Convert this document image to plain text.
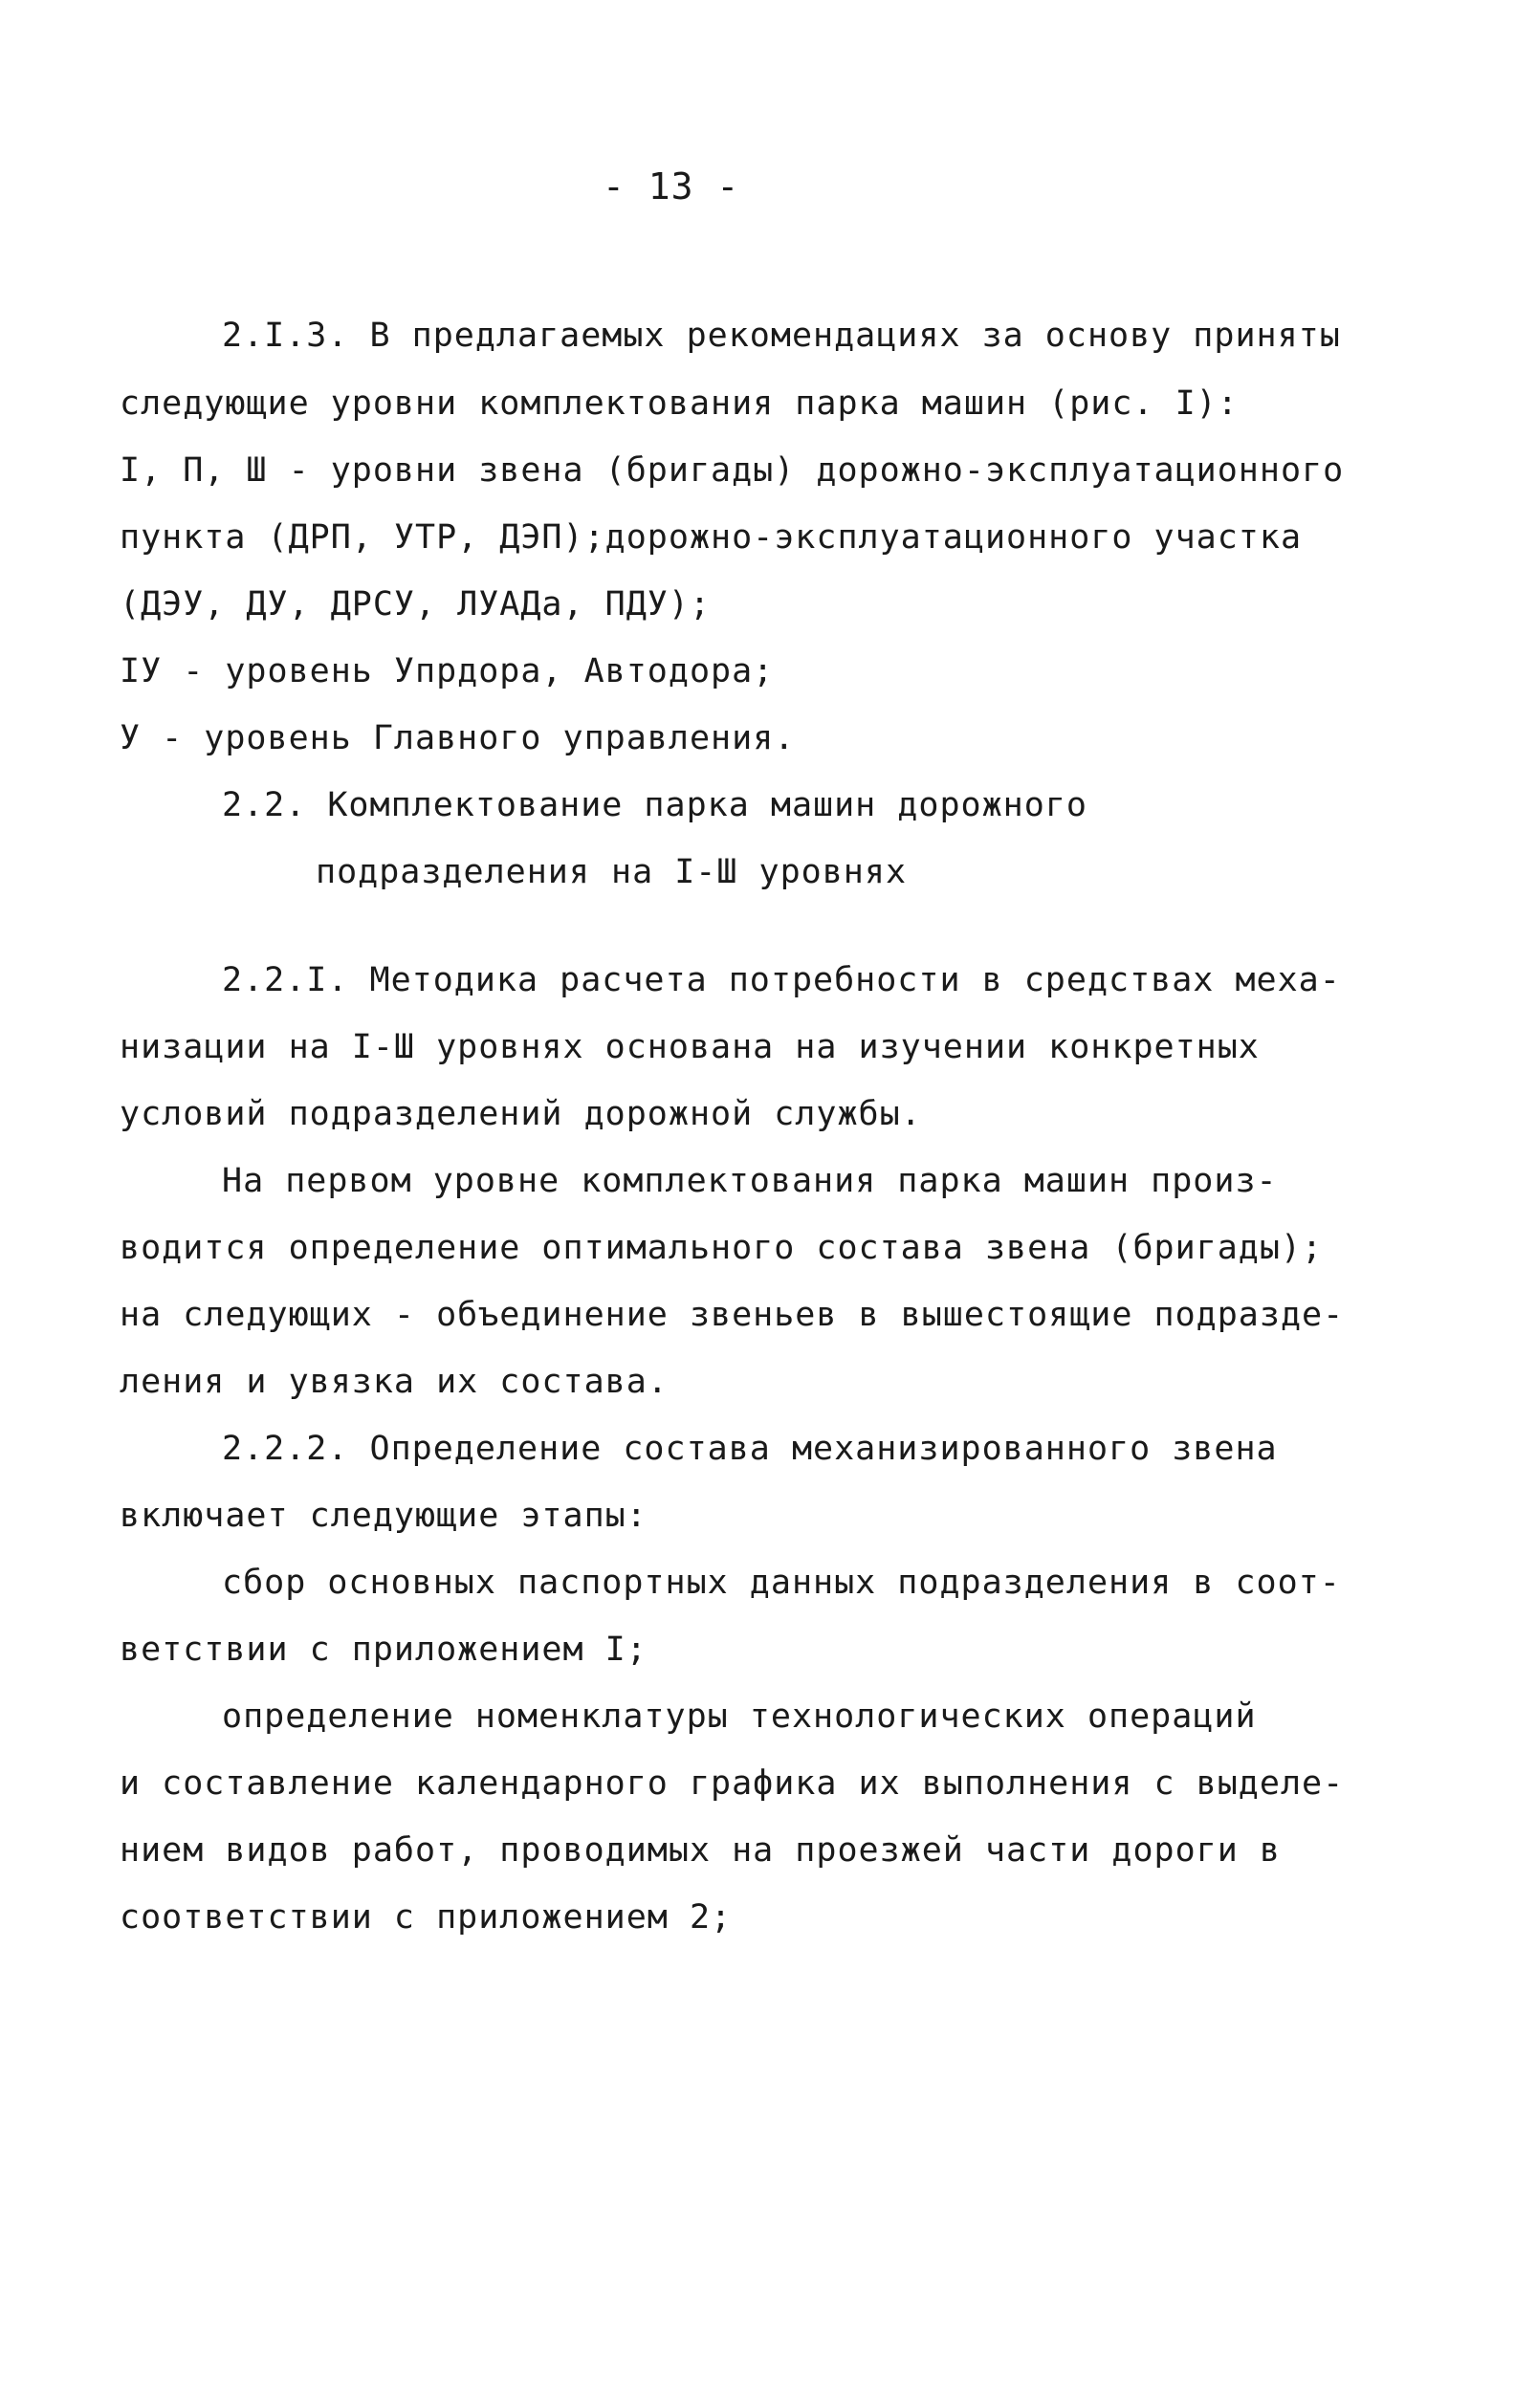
- 13 -
2.I.3. В предлагаемых рекомендациях за основу приняты
следующие уровни комплектования парка машин (рис. I):
I, П, Ш - уровни звена (бригады) дорожно-эксплуатационного
пункта (ДРП, УТР, ДЭП);дорожно-эксплуатационного участка
(ДЭУ, ДУ, ДРСУ, ЛУАДа, ПДУ);
IУ - уровень Упрдора, Автодора;
У - уровень Главного управления.
2.2. Комплектование парка машин дорожного
подразделения на I-Ш уровнях
2.2.I. Методика расчета потребности в средствах меха-
низации на I-Ш уровнях основана на изучении конкретных
условий подразделений дорожной службы.
На первом уровне комплектования парка машин произ-
водится определение оптимального состава звена (бригады);
на следующих - объединение звеньев в вышестоящие подразде-
ления и увязка их состава.
2.2.2. Определение состава механизированного звена
включает следующие этапы:
сбор основных паспортных данных подразделения в соот-
ветствии с приложением I;
определение номенклатуры технологических операций
и составление календарного графика их выполнения с выделе-
нием видов работ, проводимых на проезжей части дороги в
соответствии с приложением 2;
